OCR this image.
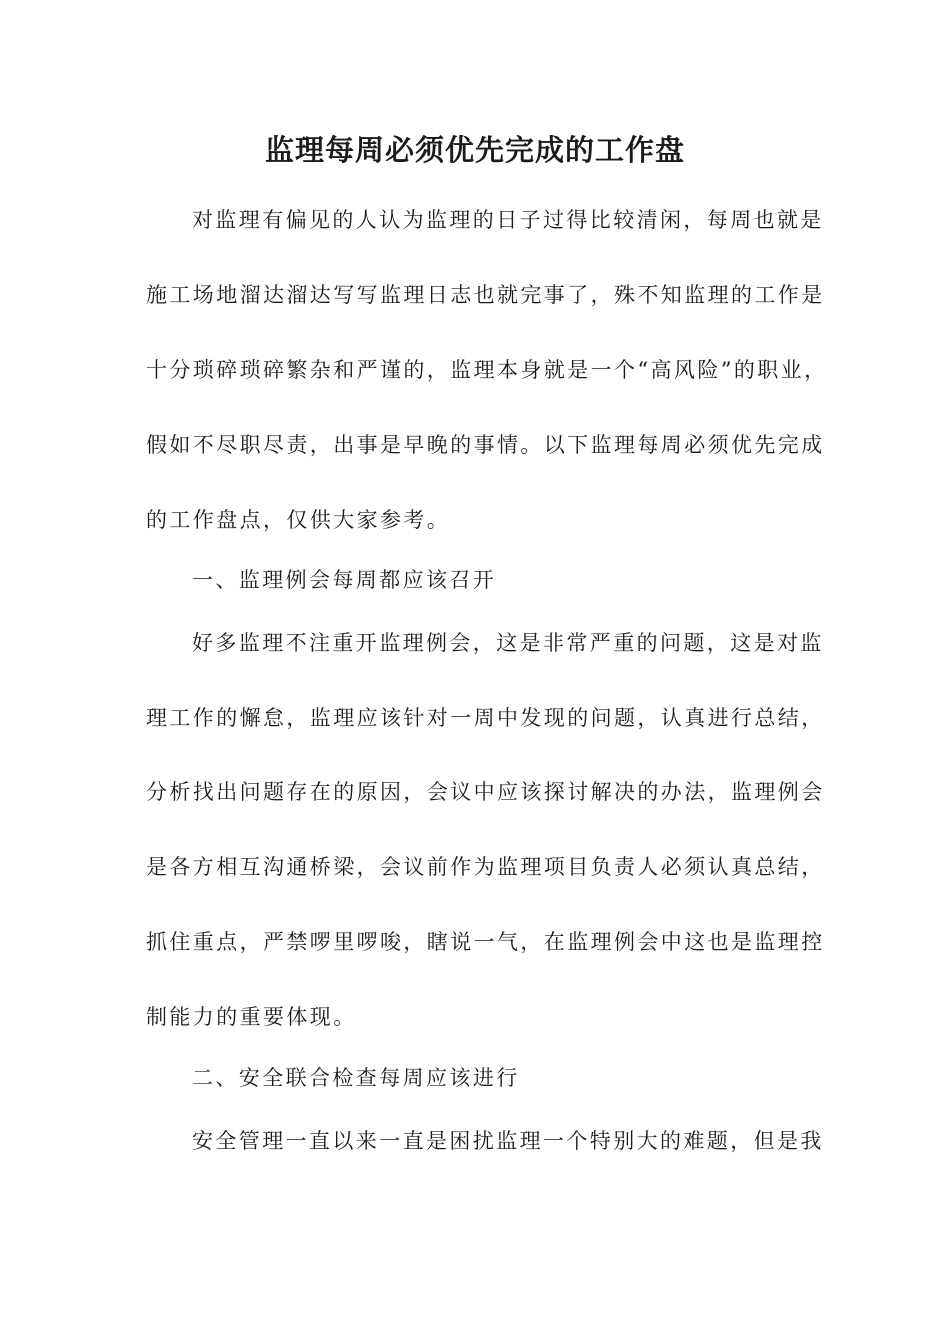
监理每周必须优先完成的工作盘
对监理有偏见的人认为监理的日子过得比较清闲，每周也就是
施工场地溜达溜达写写监理日志也就完事了，殊不知监理的工作是
十分琐碎琐碎繁杂和严谨的，监理本身就是一个“高风险”的职业，
假如不尽职尽责，出事是早晚的事情。以下监理每周必须优先完成
的工作盘点，仅供大家参考。
一、监理例会每周都应该召开
好多监理不注重开监理例会，这是非常严重的问题，这是对监
理工作的懈怠，监理应该针对一周中发现的问题，认真进行总结，
分析找出问题存在的原因，会议中应该探讨解决的办法，监理例会
是各方相互沟通桥梁，会议前作为监理项目负责人必须认真总结，
抓住重点，严禁啰里啰唆，瞎说一气，在监理例会中这也是监理控
制能力的重要体现。
二、安全联合检查每周应该进行
安全管理一直以来一直是困扰监理一个特别大的难题，但是我
